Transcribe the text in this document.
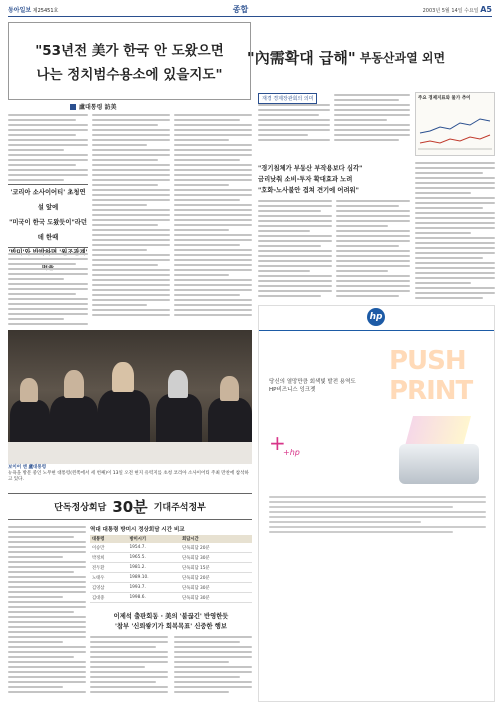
동아일보 제25451호	종합	2003년 5월 14일 수요일 A5
"53년전 美가 한국 안 도왔으면
나는 정치범수용소에 있을지도"
盧대통령 訪美
'코리아 소사이어티' 초청연설 앞에
"미국이 한국 도왔듯이"라던데 한때
보이어 앤 盧대통령
뉴욕을 방문 중인 노무현 대통령(왼쪽에서 세 번째)이 13일 오전 현지 유력지를 초청 코리아 소사이어티 주최 만찬에 참석하고 있다.
단독정상회담 30분 기대주석정부
역대 대통령 방미시 정상회담 시간 비교
대통령	방미시기	회담시간
이승만	1954.7.	단독회담 20분
박정희	1965.5.	단독회담 30분
전두환	1981.2.	단독회담 15분
노태우	1989.10.	단독회담 20분
김영삼	1993.7.	단독회담 30분
김대중	1998.6.	단독회담 30분
이제석 출판회동 · 美의 '불끊긴' 반영한듯
'참부 '신뢰쌓기가 회복목표' 신중한 행보
"內需확대 급해" 부동산과열 외면
재경 경제장관회의 의미	주요 경제지표와 물가 추이
"경기침체가 부동산 부작용보다 심각"
금리낮춰 소비-투자 확대효과 노려
"호화-노사불안 겹쳐 견기에 어려워"
hp
PUSH PRINT
당신의 열망만큼 회색빛 발전 용역도
HP비즈니스 잉크젯
+
+hp
